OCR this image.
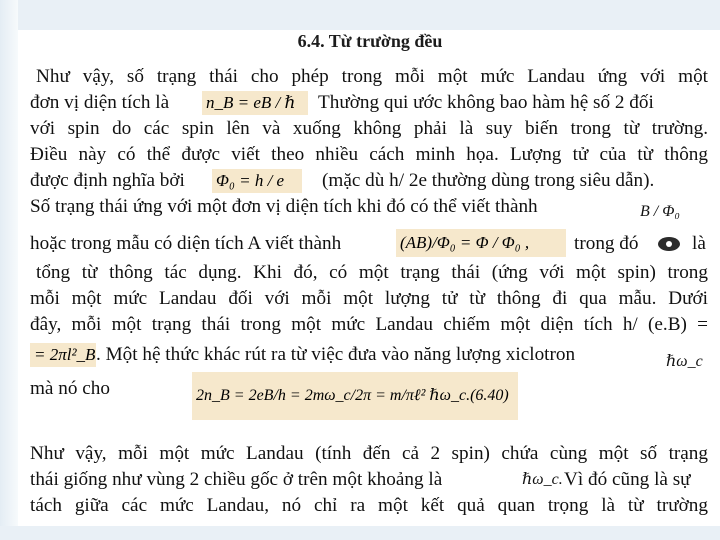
6.4. Từ trường đều
Như vậy, số trạng thái cho phép trong mỗi một mức Landau ứng với một
đơn vị diện tích là n_B = eB / ℏ	Thường qui ước không bao hàm hệ số 2 đối
với spin do các spin lên và xuống không phải là suy biến trong từ trường.
Điều này có thể được viết theo nhiều cách minh họa. Lượng tử của từ thông
được định nghĩa bởi Φ₀ = h / e	(mặc dù h/ 2e thường dùng trong siêu dẫn).
Số trạng thái ứng với một đơn vị diện tích khi đó có thể viết thành	B / Φ₀
hoặc trong mẫu có diện tích A viết thành	(AB)/Φ₀ = Φ / Φ₀ ,	trong đó	là
tổng từ thông tác dụng. Khi đó, có một trạng thái (ứng với một spin) trong
mỗi một mức Landau đối với mỗi một lượng tử từ thông đi qua mẫu. Dưới
đây, mỗi một trạng thái trong một mức Landau chiếm một diện tích h/ (e.B) =
= 2πl²_B . Một hệ thức khác rút ra từ việc đưa vào năng lượng xiclotron	ℏω_c
mà nó cho	2n_B = 2eB/h = 2mω_c/2π = m/πℓ² ℏω_c.(6.40)
Như vậy, mỗi một mức Landau (tính đến cả 2 spin) chứa cùng một số trạng
thái giống như vùng 2 chiều gốc ở trên một khoảng là	ℏω_c. Vì đó cũng là sự
tách giữa các mức Landau, nó chỉ ra một kết quả quan trọng là từ trường
